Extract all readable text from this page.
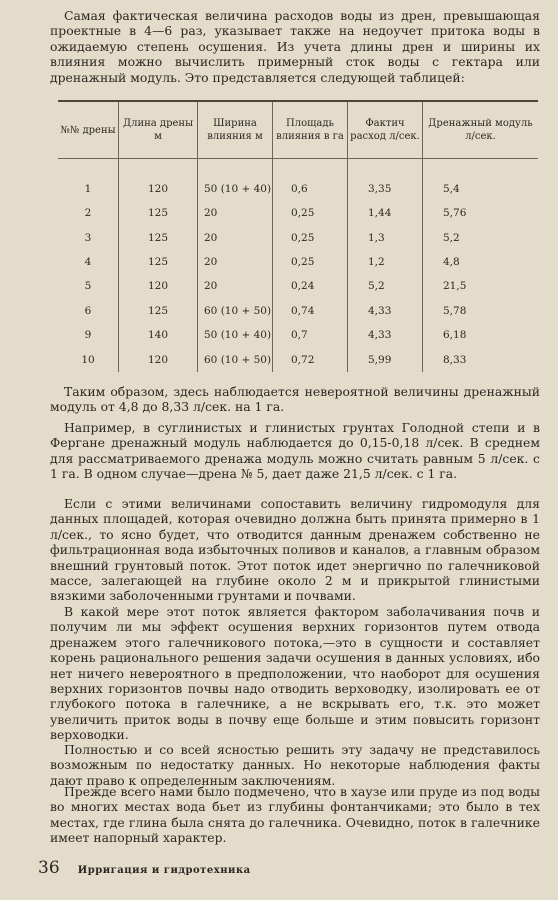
Самая фактическая величина расходов воды из дрен, превышающая проектные в 4—6 раз, указывает также на недоучет притока воды в ожидаемую степень осушения. Из учета длины дрен и ширины их влияния можно вычислить примерный сток воды с гектара или дренажный модуль. Это представляется следующей таблицей:

№№ дрены	Длина дрены м	Ширина влияния м	Площадь влияния в га	Фактич расход л/сек.	Дренажный модуль л/сек.
1	120	50 (10 + 40)	0,6	3,35	5,4
2	125	20	0,25	1,44	5,76
3	125	20	0,25	1,3	5,2
4	125	20	0,25	1,2	4,8
5	120	20	0,24	5,2	21,5
6	125	60 (10 + 50)	0,74	4,33	5,78
9	140	50 (10 + 40)	0,7	4,33	6,18
10	120	60 (10 + 50)	0,72	5,99	8,33

Таким образом, здесь наблюдается невероятной величины дренажный модуль от 4,8 до 8,33 л/сек. на 1 га.

Например, в суглинистых и глинистых грунтах Голодной степи и в Фергане дренажный модуль наблюдается до 0,15-0,18 л/сек. В среднем для рассматриваемого дренажа модуль можно считать равным 5 л/сек. с 1 га. В одном случае—дрена № 5, дает даже 21,5 л/сек. с 1 га.

Если с этими величинами сопоставить величину гидромодуля для данных площадей, которая очевидно должна быть принята примерно в 1 л/сек., то ясно будет, что отводится данным дренажем собственно не фильтрационная вода избыточных поливов и каналов, а главным образом внешний грунтовый поток. Этот поток идет энергично по галечниковой массе, залегающей на глубине около 2 м и прикрытой глинистыми вязкими заболоченными грунтами и почвами.

В какой мере этот поток является фактором заболачивания почв и получим ли мы эффект осушения верхних горизонтов путем отвода дренажем этого галечникового потока,—это в сущности и составляет корень рационального решения задачи осушения в данных условиях, ибо нет ничего невероятного в предположении, что наоборот для осушения верхних горизонтов почвы надо отводить верховодку, изолировать ее от глубокого потока в галечнике, а не вскрывать его, т.к. это может увеличить приток воды в почву еще больше и этим повысить горизонт верховодки.

Полностью и со всей ясностью решить эту задачу не представилось возможным по недостатку данных. Но некоторые наблюдения факты дают право к определенным заключениям.

Прежде всего нами было подмечено, что в хаузе или пруде из под воды во многих местах вода бьет из глубины фонтанчиками; это было в тех местах, где глина была снята до галечника. Очевидно, поток в галечнике имеет напорный характер.

36 Ирригация и гидротехника
